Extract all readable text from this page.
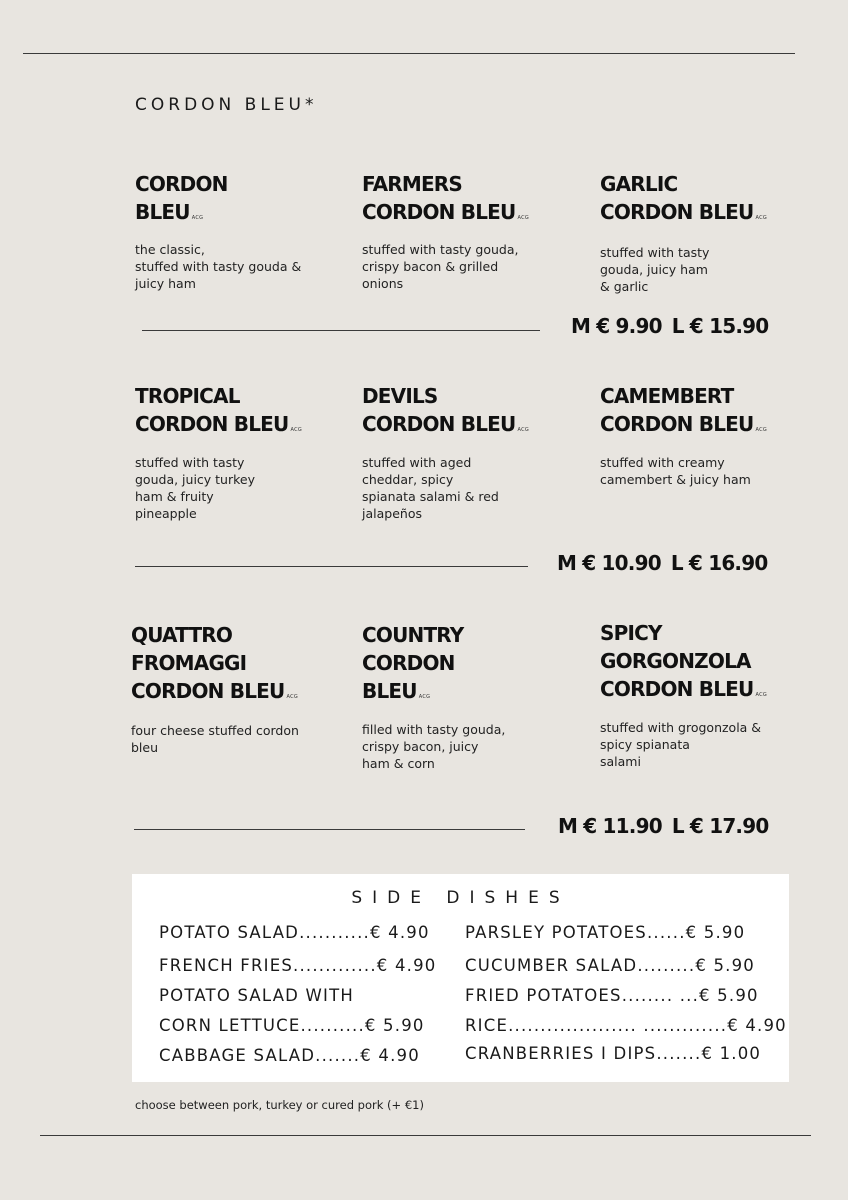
CORDON BLEU*
CORDON
BLEU ACG
the classic,
stuffed with tasty gouda &
juicy ham
FARMERS
CORDON BLEU ACG
stuffed with tasty gouda,
crispy bacon & grilled
onions
GARLIC
CORDON BLEU ACG
stuffed with tasty
gouda, juicy ham
& garlic
M € 9.90 L € 15.90
TROPICAL
CORDON BLEU ACG
stuffed with tasty
gouda, juicy turkey
ham & fruity
pineapple
DEVILS
CORDON BLEU ACG
stuffed with aged
cheddar, spicy
spianata salami & red
jalapeños
CAMEMBERT
CORDON BLEU ACG
stuffed with creamy
camembert & juicy ham
M € 10.90 L € 16.90
QUATTRO
FROMAGGI
CORDON BLEU ACG
four cheese stuffed cordon
bleu
COUNTRY
CORDON
BLEU ACG
filled with tasty gouda,
crispy bacon, juicy
ham & corn
SPICY
GORGONZOLA
CORDON BLEU ACG
stuffed with grogonzola &
spicy spianata
salami
M € 11.90 L € 17.90
SIDE DISHES
POTATO SALAD...........€ 4.90
FRENCH FRIES.............€ 4.90
POTATO SALAD WITH
CORN LETTUCE..........€ 5.90
CABBAGE SALAD.......€ 4.90
PARSLEY POTATOES......€ 5.90
CUCUMBER SALAD.........€ 5.90
FRIED POTATOES........ ...€ 5.90
RICE.................... .............€ 4.90
CRANBERRIES I DIPS.......€ 1.00
choose between pork, turkey or cured pork (+ €1)
